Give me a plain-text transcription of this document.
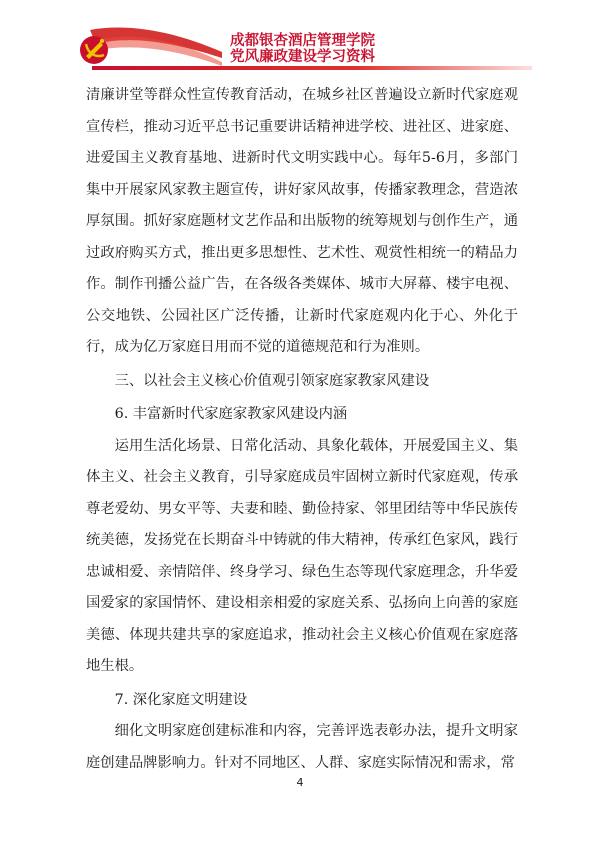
成都银杏酒店管理学院
党风廉政建设学习资料

清廉讲堂等群众性宣传教育活动，在城乡社区普遍设立新时代家庭观宣传栏，推动习近平总书记重要讲话精神进学校、进社区、进家庭、进爱国主义教育基地、进新时代文明实践中心。每年5-6月，多部门集中开展家风家教主题宣传，讲好家风故事，传播家教理念，营造浓厚氛围。抓好家庭题材文艺作品和出版物的统筹规划与创作生产，通过政府购买方式，推出更多思想性、艺术性、观赏性相统一的精品力作。制作刊播公益广告，在各级各类媒体、城市大屏幕、楼宇电视、公交地铁、公园社区广泛传播，让新时代家庭观内化于心、外化于行，成为亿万家庭日用而不觉的道德规范和行为准则。

三、以社会主义核心价值观引领家庭家教家风建设

6. 丰富新时代家庭家教家风建设内涵

运用生活化场景、日常化活动、具象化载体，开展爱国主义、集体主义、社会主义教育，引导家庭成员牢固树立新时代家庭观，传承尊老爱幼、男女平等、夫妻和睦、勤俭持家、邻里团结等中华民族传统美德，发扬党在长期奋斗中铸就的伟大精神，传承红色家风，践行忠诚相爱、亲情陪伴、终身学习、绿色生态等现代家庭理念，升华爱国爱家的家国情怀、建设相亲相爱的家庭关系、弘扬向上向善的家庭美德、体现共建共享的家庭追求，推动社会主义核心价值观在家庭落地生根。

7. 深化家庭文明建设

细化文明家庭创建标准和内容，完善评选表彰办法，提升文明家庭创建品牌影响力。针对不同地区、人群、家庭实际情况和需求，常

4
